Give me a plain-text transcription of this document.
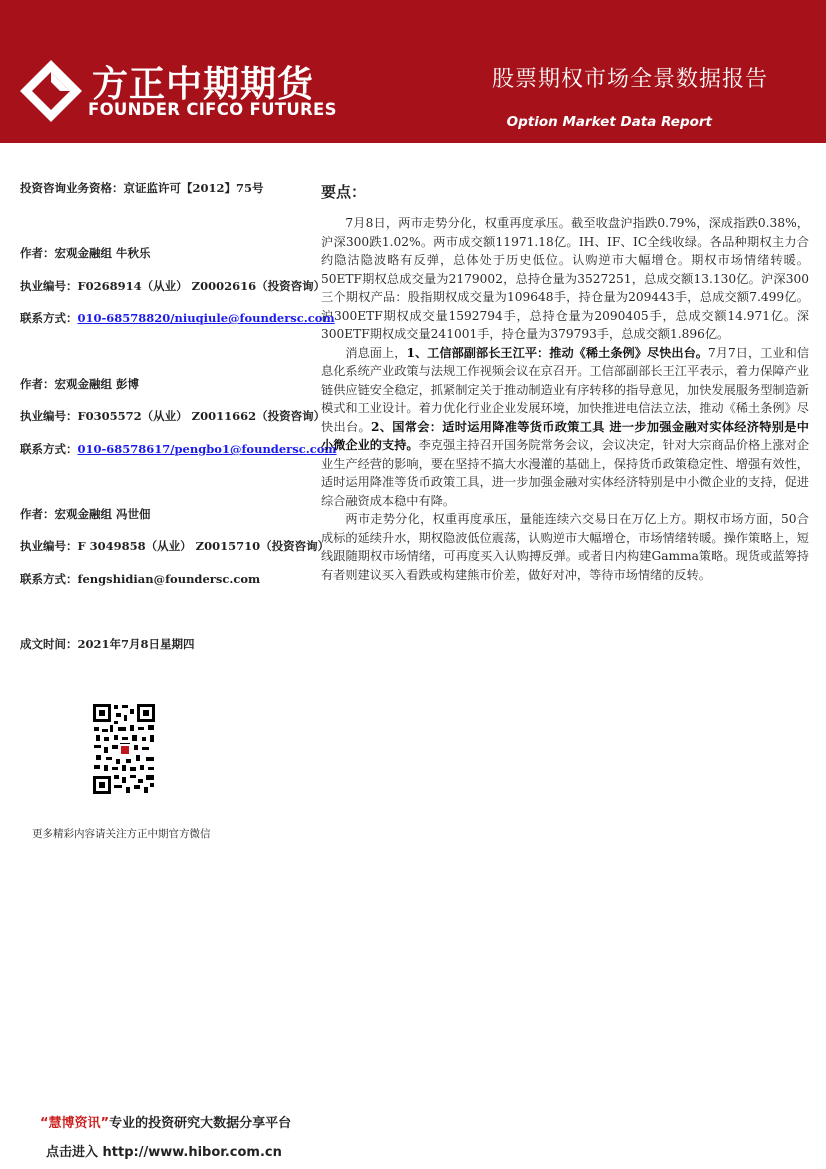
方正中期期货
FOUNDER CIFCO FUTURES
股票期权市场全景数据报告
Option Market Data Report
投资咨询业务资格：京证监许可【2012】75号
作者：宏观金融组 牛秋乐
执业编号：F0268914（从业） Z0002616（投资咨询）
联系方式：010-68578820/niuqiule@foundersc.com
作者：宏观金融组 彭博
执业编号：F0305572（从业） Z0011662（投资咨询）
联系方式：010-68578617/pengbo1@foundersc.com
作者：宏观金融组 冯世佃
执业编号：F 3049858（从业） Z0015710（投资咨询）
联系方式：fengshidian@foundersc.com
成文时间：2021年7月8日星期四
更多精彩内容请关注方正中期官方微信
要点：

7月8日，两市走势分化，权重再度承压。截至收盘沪指跌0.79%，深成指跌0.38%，沪深300跌1.02%。两市成交额11971.18亿。IH、IF、IC全线收绿。各品种期权主力合约隐沽隐波略有反弹，总体处于历史低位。认购逆市大幅增仓。期权市场情绪转暖。50ETF期权总成交量为2179002，总持仓量为3527251，总成交额13.130亿。沪深300三个期权产品：股指期权成交量为109648手，持仓量为209443手，总成交额7.499亿。沪300ETF期权成交量1592794手，总持仓量为2090405手，总成交额14.971亿。深300ETF期权成交量241001手，持仓量为379793手，总成交额1.896亿。

消息面上，1、工信部副部长王江平：推动《稀土条例》尽快出台。7月7日，工业和信息化系统产业政策与法规工作视频会议在京召开。工信部副部长王江平表示，着力保障产业链供应链安全稳定，抓紧制定关于推动制造业有序转移的指导意见，加快发展服务型制造新模式和工业设计。着力优化行业企业发展环境，加快推进电信法立法，推动《稀土条例》尽快出台。2、国常会：适时运用降准等货币政策工具 进一步加强金融对实体经济特别是中小微企业的支持。李克强主持召开国务院常务会议，会议决定，针对大宗商品价格上涨对企业生产经营的影响，要在坚持不搞大水漫灌的基础上，保持货币政策稳定性、增强有效性，适时运用降准等货币政策工具，进一步加强金融对实体经济特别是中小微企业的支持，促进综合融资成本稳中有降。

两市走势分化，权重再度承压，量能连续六交易日在万亿上方。期权市场方面，50合成标的延续升水，期权隐波低位震荡，认购逆市大幅增仓，市场情绪转暖。操作策略上，短线跟随期权市场情绪，可再度买入认购搏反弹。或者日内构建Gamma策略。现货或蓝筹持有者则建议买入看跌或构建熊市价差，做好对冲，等待市场情绪的反转。

“慧博资讯”专业的投资研究大数据分享平台
点击进入 http://www.hibor.com.cn
